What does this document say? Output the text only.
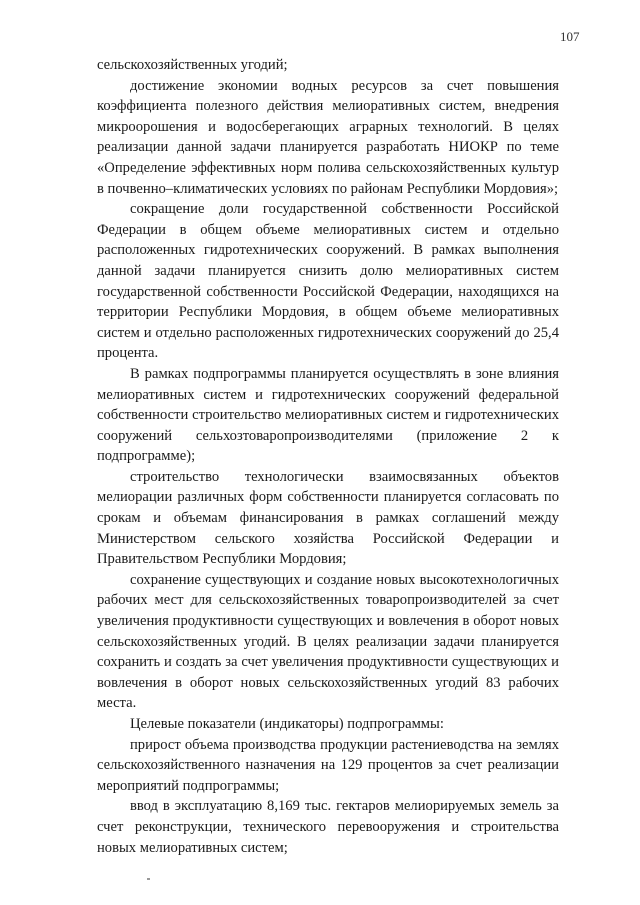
107

сельскохозяйственных угодий;

достижение экономии водных ресурсов за счет повышения коэффициента полезного действия мелиоративных систем, внедрения микроорошения и водосберегающих аграрных технологий. В целях реализации данной задачи планируется разработать НИОКР по теме «Определение эффективных норм полива сельскохозяйственных культур в почвенно–климатических условиях по районам Республики Мордовия»;

сокращение доли государственной собственности Российской Федерации в общем объеме мелиоративных систем и отдельно расположенных гидротехнических сооружений. В рамках выполнения данной задачи планируется снизить долю мелиоративных систем государственной собственности Российской Федерации, находящихся на территории Республики Мордовия, в общем объеме мелиоративных систем и отдельно расположенных гидротехнических сооружений до 25,4 процента.

В рамках подпрограммы планируется осуществлять в зоне влияния мелиоративных систем и гидротехнических сооружений федеральной собственности строительство мелиоративных систем и гидротехнических сооружений сельхозтоваропроизводителями (приложение 2 к подпрограмме);

строительство технологически взаимосвязанных объектов мелиорации различных форм собственности планируется согласовать по срокам и объемам финансирования в рамках соглашений между Министерством сельского хозяйства Российской Федерации и Правительством Республики Мордовия;

сохранение существующих и создание новых высокотехнологичных рабочих мест для сельскохозяйственных товаропроизводителей за счет увеличения продуктивности существующих и вовлечения в оборот новых сельскохозяйственных угодий. В целях реализации задачи планируется сохранить и создать за счет увеличения продуктивности существующих и вовлечения в оборот новых сельскохозяйственных угодий 83 рабочих места.

Целевые показатели (индикаторы) подпрограммы:

прирост объема производства продукции растениеводства на землях сельскохозяйственного назначения на 129 процентов за счет реализации мероприятий подпрограммы;

ввод в эксплуатацию 8,169 тыс. гектаров мелиорируемых земель за счет реконструкции, технического перевооружения и строительства новых мелиоративных систем;
